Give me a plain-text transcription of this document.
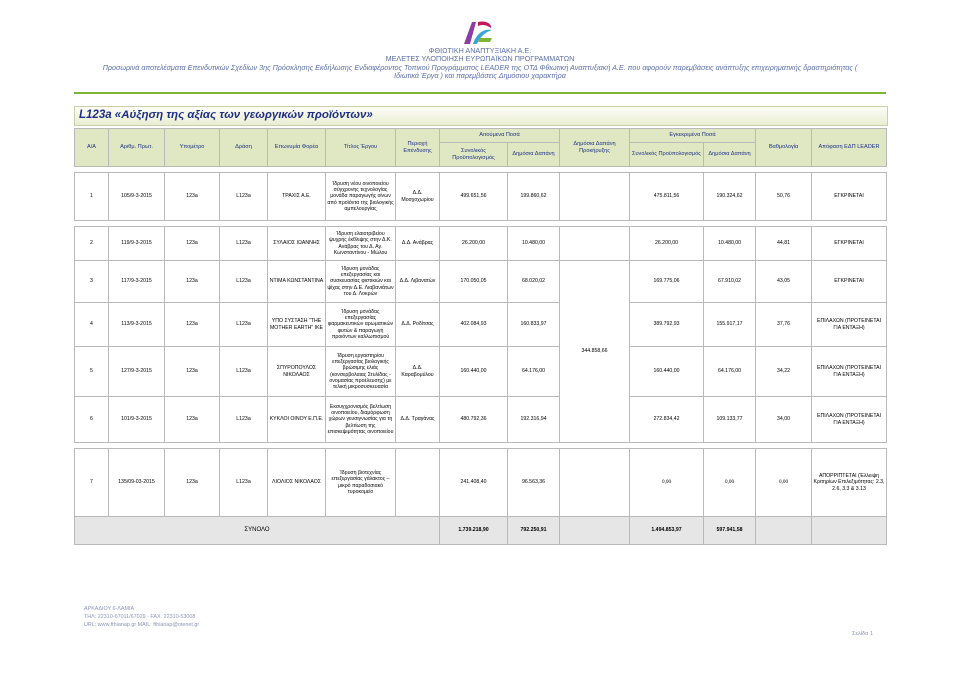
ΦΘΙΩΤΙΚΗ ΑΝΑΠΤΥΞΙΑΚΗ Α.Ε.
ΜΕΛΕΤΕΣ ΥΛΟΠΟΙΗΣΗ ΕΥΡΩΠΑΪΚΩΝ ΠΡΟΓΡΑΜΜΑΤΩΝ
Προσωρινά αποτελέσματα Επενδυτικών Σχεδίων 3ης Πρόσκλησης Εκδήλωσης Ενδιαφέροντος Τοπικού Προγράμματος LEADER της ΟΤΔ Φθιωτική Αναπτυξιακή Α.Ε. που αφορούν παρεμβάσεις ανάπτυξης επιχειρηματικής δραστηριότητας (
Ιδιωτικά Έργα ) και παρεμβάσεις Δημόσιου χαρακτήρα
L123a «Αύξηση της αξίας των γεωργικών προϊόντων»
Α/Α	Αριθμ. Πρωτ.	Υπομέτρο	Δράση	Επωνυμία Φορέα	Τίτλος Έργου	Περιοχή Επένδυσης	Αιτούμενα Ποσά		Δημόσια Δαπάνη Προκήρυξης	Εγκεκριμένα Ποσά		Βαθμολογία	Απόφαση ΕΔΠ LEADER
							Συνολικός Προϋπολογισμός	Δημόσια Δαπάνη		Συνολικός Προϋπολογισμός	Δημόσια Δαπάνη		

1	105/9-3-2015	123a	L123a	ΤΡΑΧΙΣ Α.Ε.	Ίδρυση νέου οινοποιείου σύγχρονης τεχνολογίας μονάδα παραγωγής οίνων από προϊόντα της βιολογικής αμπελουργίας	Δ.Δ. Μοσχοχωρίου	499.651,56	199.860,62		475.811,56	190.324,62	50,76	ΕΓΚΡΙΝΕΤΑΙ

2	119/9-3-2015	123a	L123a	ΣΥΛΑΙΟΣ ΙΩΑΝΝΗΣ	Ίδρυση ελαιοτριβείου ψυχρής έκθλιψης στην Δ.Κ. Ανάβρας του Δ. Αγ. Κωνσταντίνου - Μώλου	Δ.Δ. Ανάβρας	26.200,00	10.480,00		26.200,00	10.480,00	44,81	ΕΓΚΡΙΝΕΤΑΙ
3	117/9-3-2015	123a	L123a	ΝΤΙΜΑ ΚΩΝΣΤΑΝΤΙΝΑ	Ίδρυση μονάδας επεξεργασίας και συσκευασίας φιστικιών και ψίχας στην Δ.Ε. Λιαβανιάτων του Δ. Λοκρών	Δ.Δ. Λιβανατών	170.050,05	68.020,02	344.858,66	169.775,06	67.910,02	43,05	ΕΓΚΡΙΝΕΤΑΙ
4	113/9-3-2015	123a	L123a	ΥΠΟ ΣΥΣΤΑΣΗ "THE MOTHER EARTH" ΙΚΕ	Ίδρυση μονάδας επεξεργασίας φαρμακευτικών αρωματικών φυτών & παραγωγή προιόντων καλλωπισμού	Δ.Δ. Ροδίτσας	402.084,93	160.833,97		389.792,93	155.917,17	37,76	ΕΠΙΛΑΧΩΝ (ΠΡΟΤΕΙΝΕΤΑΙ ΓΙΑ ΕΝΤΑΞΗ)
5	127/9-3-2015	123a	L123a	ΣΠΥΡΟΠΟΥΛΟΣ ΝΙΚΟΛΑΟΣ	Ίδρυση εργαστηρίου επεξεργασίας βιολογικής βρώσιμης ελιάς (κονσερβολαιας Στυλίδας - ονομασίας προέλευσης) με τελική μικροσυσκευασία	Δ.Δ. Καραβομύλου	160.440,00	64.176,00		160.440,00	64.176,00	34,22	ΕΠΙΛΑΧΩΝ (ΠΡΟΤΕΙΝΕΤΑΙ ΓΙΑ ΕΝΤΑΞΗ)
6	101/9-3-2015	123a	L123a	ΚΥΚΛΟΙ ΟΙΝΟΥ Ε.Π.Ε.	Εκσυγχρονισμός βελτίωση οινοποιείου, διαμόρφωση χώρων γευσιγνωσίας για τη βελτίωση της επισκεψιμότητας οινοποιείου	Δ.Δ. Τραγάνας	480.792,36	192.316,94		272.834,42	109.133,77	34,00	ΕΠΙΛΑΧΩΝ (ΠΡΟΤΕΙΝΕΤΑΙ ΓΙΑ ΕΝΤΑΞΗ)

7	135/09-03-2015	123a	L123a	ΛΙΟΛΙΟΣ ΝΙΚΟΛΑΟΣ	Ίδρυση βιοτεχνίας επεξεργασίας γάλακτος – μικρό παραδοσιακό τυροκομείο		241.408,40	96.563,36		0,00	0,00	0,00	ΑΠΟΡΡΙΠΤΕΤΑΙ (Έλλειψη Κριτηρίων Επιλεξιμότητας: 2.3, 2.6, 3.3 & 3.13
ΣΥΝΟΛΟ							1.739.218,90	792.250,91		1.494.853,97	597.941,58		
ΑΡΚΑΔΙΟΥ 6-ΛΑΜΙΑ
ΤΗΛ: 22310-67011/67029 - FAX. 22310-53008
URL: www.fthianap.gr MAIL: fthianap@otenet.gr
Σελίδα 1
